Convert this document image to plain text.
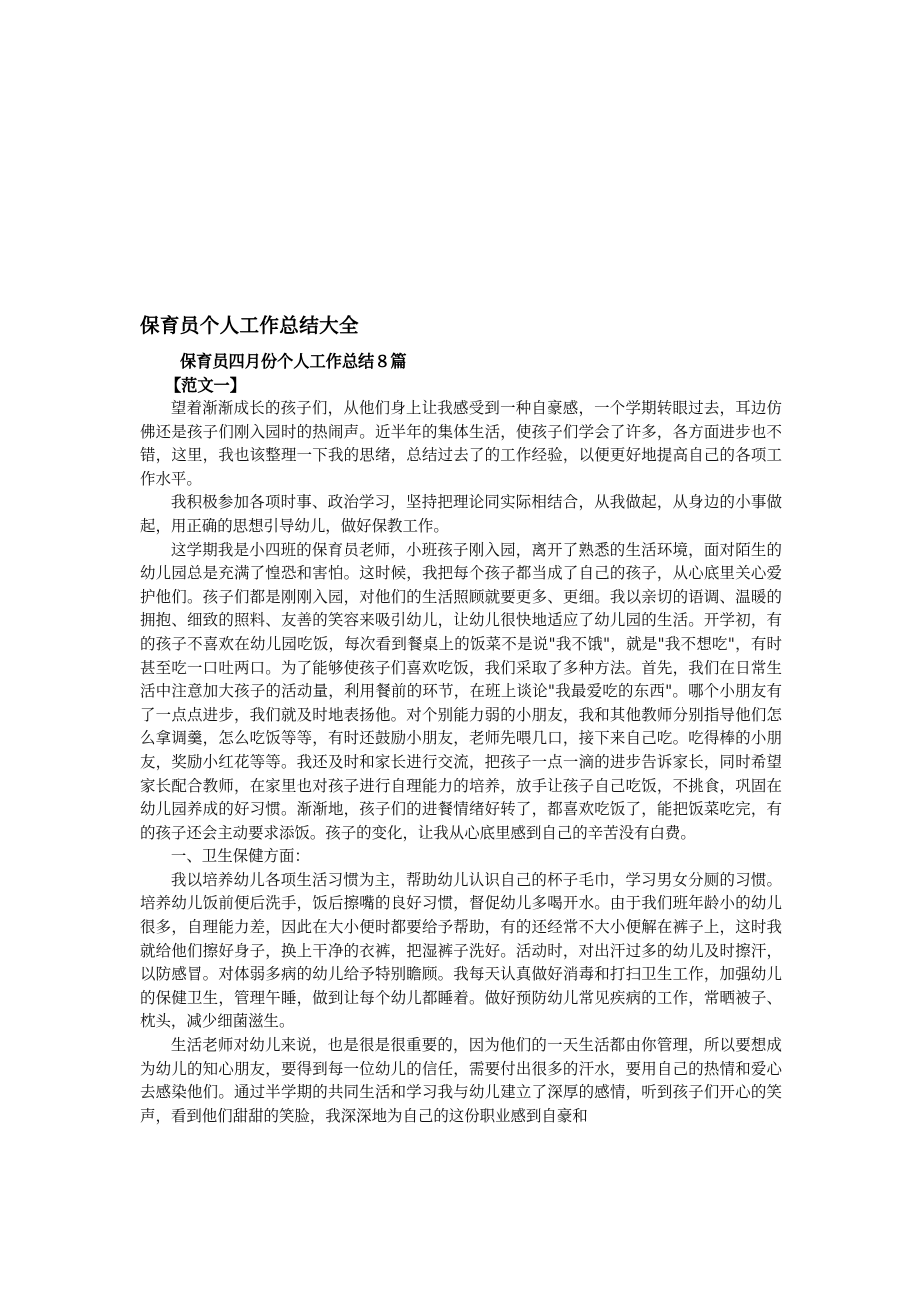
保育员个人工作总结大全
保育员四月份个人工作总结８篇
【范文一】

望着渐渐成长的孩子们，从他们身上让我感受到一种自豪感，一个学期转眼过去，耳边仿佛还是孩子们刚入园时的热闹声。近半年的集体生活，使孩子们学会了许多，各方面进步也不错，这里，我也该整理一下我的思绪，总结过去了的工作经验，以便更好地提高自己的各项工作水平。

我积极参加各项时事、政治学习，坚持把理论同实际相结合，从我做起，从身边的小事做起，用正确的思想引导幼儿，做好保教工作。

这学期我是小四班的保育员老师，小班孩子刚入园，离开了熟悉的生活环境，面对陌生的幼儿园总是充满了惶恐和害怕。这时候，我把每个孩子都当成了自己的孩子，从心底里关心爱护他们。孩子们都是刚刚入园，对他们的生活照顾就要更多、更细。我以亲切的语调、温暖的拥抱、细致的照料、友善的笑容来吸引幼儿，让幼儿很快地适应了幼儿园的生活。开学初，有的孩子不喜欢在幼儿园吃饭，每次看到餐桌上的饭菜不是说"我不饿"，就是"我不想吃"，有时甚至吃一口吐两口。为了能够使孩子们喜欢吃饭，我们采取了多种方法。首先，我们在日常生活中注意加大孩子的活动量，利用餐前的环节，在班上谈论"我最爱吃的东西"。哪个小朋友有了一点点进步，我们就及时地表扬他。对个别能力弱的小朋友，我和其他教师分别指导他们怎么拿调羹，怎么吃饭等等，有时还鼓励小朋友，老师先喂几口，接下来自己吃。吃得棒的小朋友，奖励小红花等等。我还及时和家长进行交流，把孩子一点一滴的进步告诉家长，同时希望家长配合教师，在家里也对孩子进行自理能力的培养，放手让孩子自己吃饭，不挑食，巩固在幼儿园养成的好习惯。渐渐地，孩子们的进餐情绪好转了，都喜欢吃饭了，能把饭菜吃完，有的孩子还会主动要求添饭。孩子的变化，让我从心底里感到自己的辛苦没有白费。

一、卫生保健方面：

我以培养幼儿各项生活习惯为主，帮助幼儿认识自己的杯子毛巾，学习男女分厕的习惯。培养幼儿饭前便后洗手，饭后擦嘴的良好习惯，督促幼儿多喝开水。由于我们班年龄小的幼儿很多，自理能力差，因此在大小便时都要给予帮助，有的还经常不大小便解在裤子上，这时我就给他们擦好身子，换上干净的衣裤，把湿裤子洗好。活动时，对出汗过多的幼儿及时擦汗，以防感冒。对体弱多病的幼儿给予特别瞻顾。我每天认真做好消毒和打扫卫生工作，加强幼儿的保健卫生，管理午睡，做到让每个幼儿都睡着。做好预防幼儿常见疾病的工作，常晒被子、枕头，减少细菌滋生。

生活老师对幼儿来说，也是很是很重要的，因为他们的一天生活都由你管理，所以要想成为幼儿的知心朋友，要得到每一位幼儿的信任，需要付出很多的汗水，要用自己的热情和爱心去感染他们。通过半学期的共同生活和学习我与幼儿建立了深厚的感情，听到孩子们开心的笑声，看到他们甜甜的笑脸，我深深地为自己的这份职业感到自豪和
